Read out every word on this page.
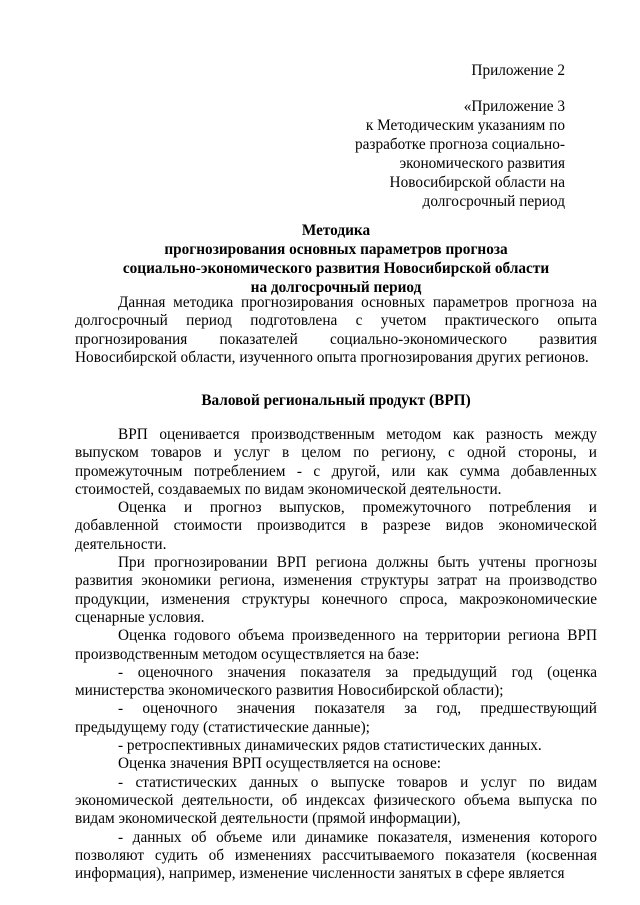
Приложение 2
«Приложение 3
к Методическим указаниям по
разработке прогноза социально-
экономического развития
Новосибирской области на
долгосрочный период
Методика
прогнозирования основных параметров прогноза
социально-экономического развития Новосибирской области
на долгосрочный период

Данная методика прогнозирования основных параметров прогноза на долгосрочный период подготовлена с учетом практического опыта прогнозирования показателей социально-экономического развития Новосибирской области, изученного опыта прогнозирования других регионов.

Валовой региональный продукт (ВРП)

ВРП оценивается производственным методом как разность между выпуском товаров и услуг в целом по региону, с одной стороны, и промежуточным потреблением - с другой, или как сумма добавленных стоимостей, создаваемых по видам экономической деятельности.

Оценка и прогноз выпусков, промежуточного потребления и добавленной стоимости производится в разрезе видов экономической деятельности.

При прогнозировании ВРП региона должны быть учтены прогнозы развития экономики региона, изменения структуры затрат на производство продукции, изменения структуры конечного спроса, макроэкономические сценарные условия.

Оценка годового объема произведенного на территории региона ВРП производственным методом осуществляется на базе:

- оценочного значения показателя за предыдущий год (оценка министерства экономического развития Новосибирской области);

- оценочного значения показателя за год, предшествующий предыдущему году (статистические данные);

- ретроспективных динамических рядов статистических данных.

Оценка значения ВРП осуществляется на основе:

- статистических данных о выпуске товаров и услуг по видам экономической деятельности, об индексах физического объема выпуска по видам экономической деятельности (прямой информации),

- данных об объеме или динамике показателя, изменения которого позволяют судить об изменениях рассчитываемого показателя (косвенная информация), например, изменение численности занятых в сфере является
